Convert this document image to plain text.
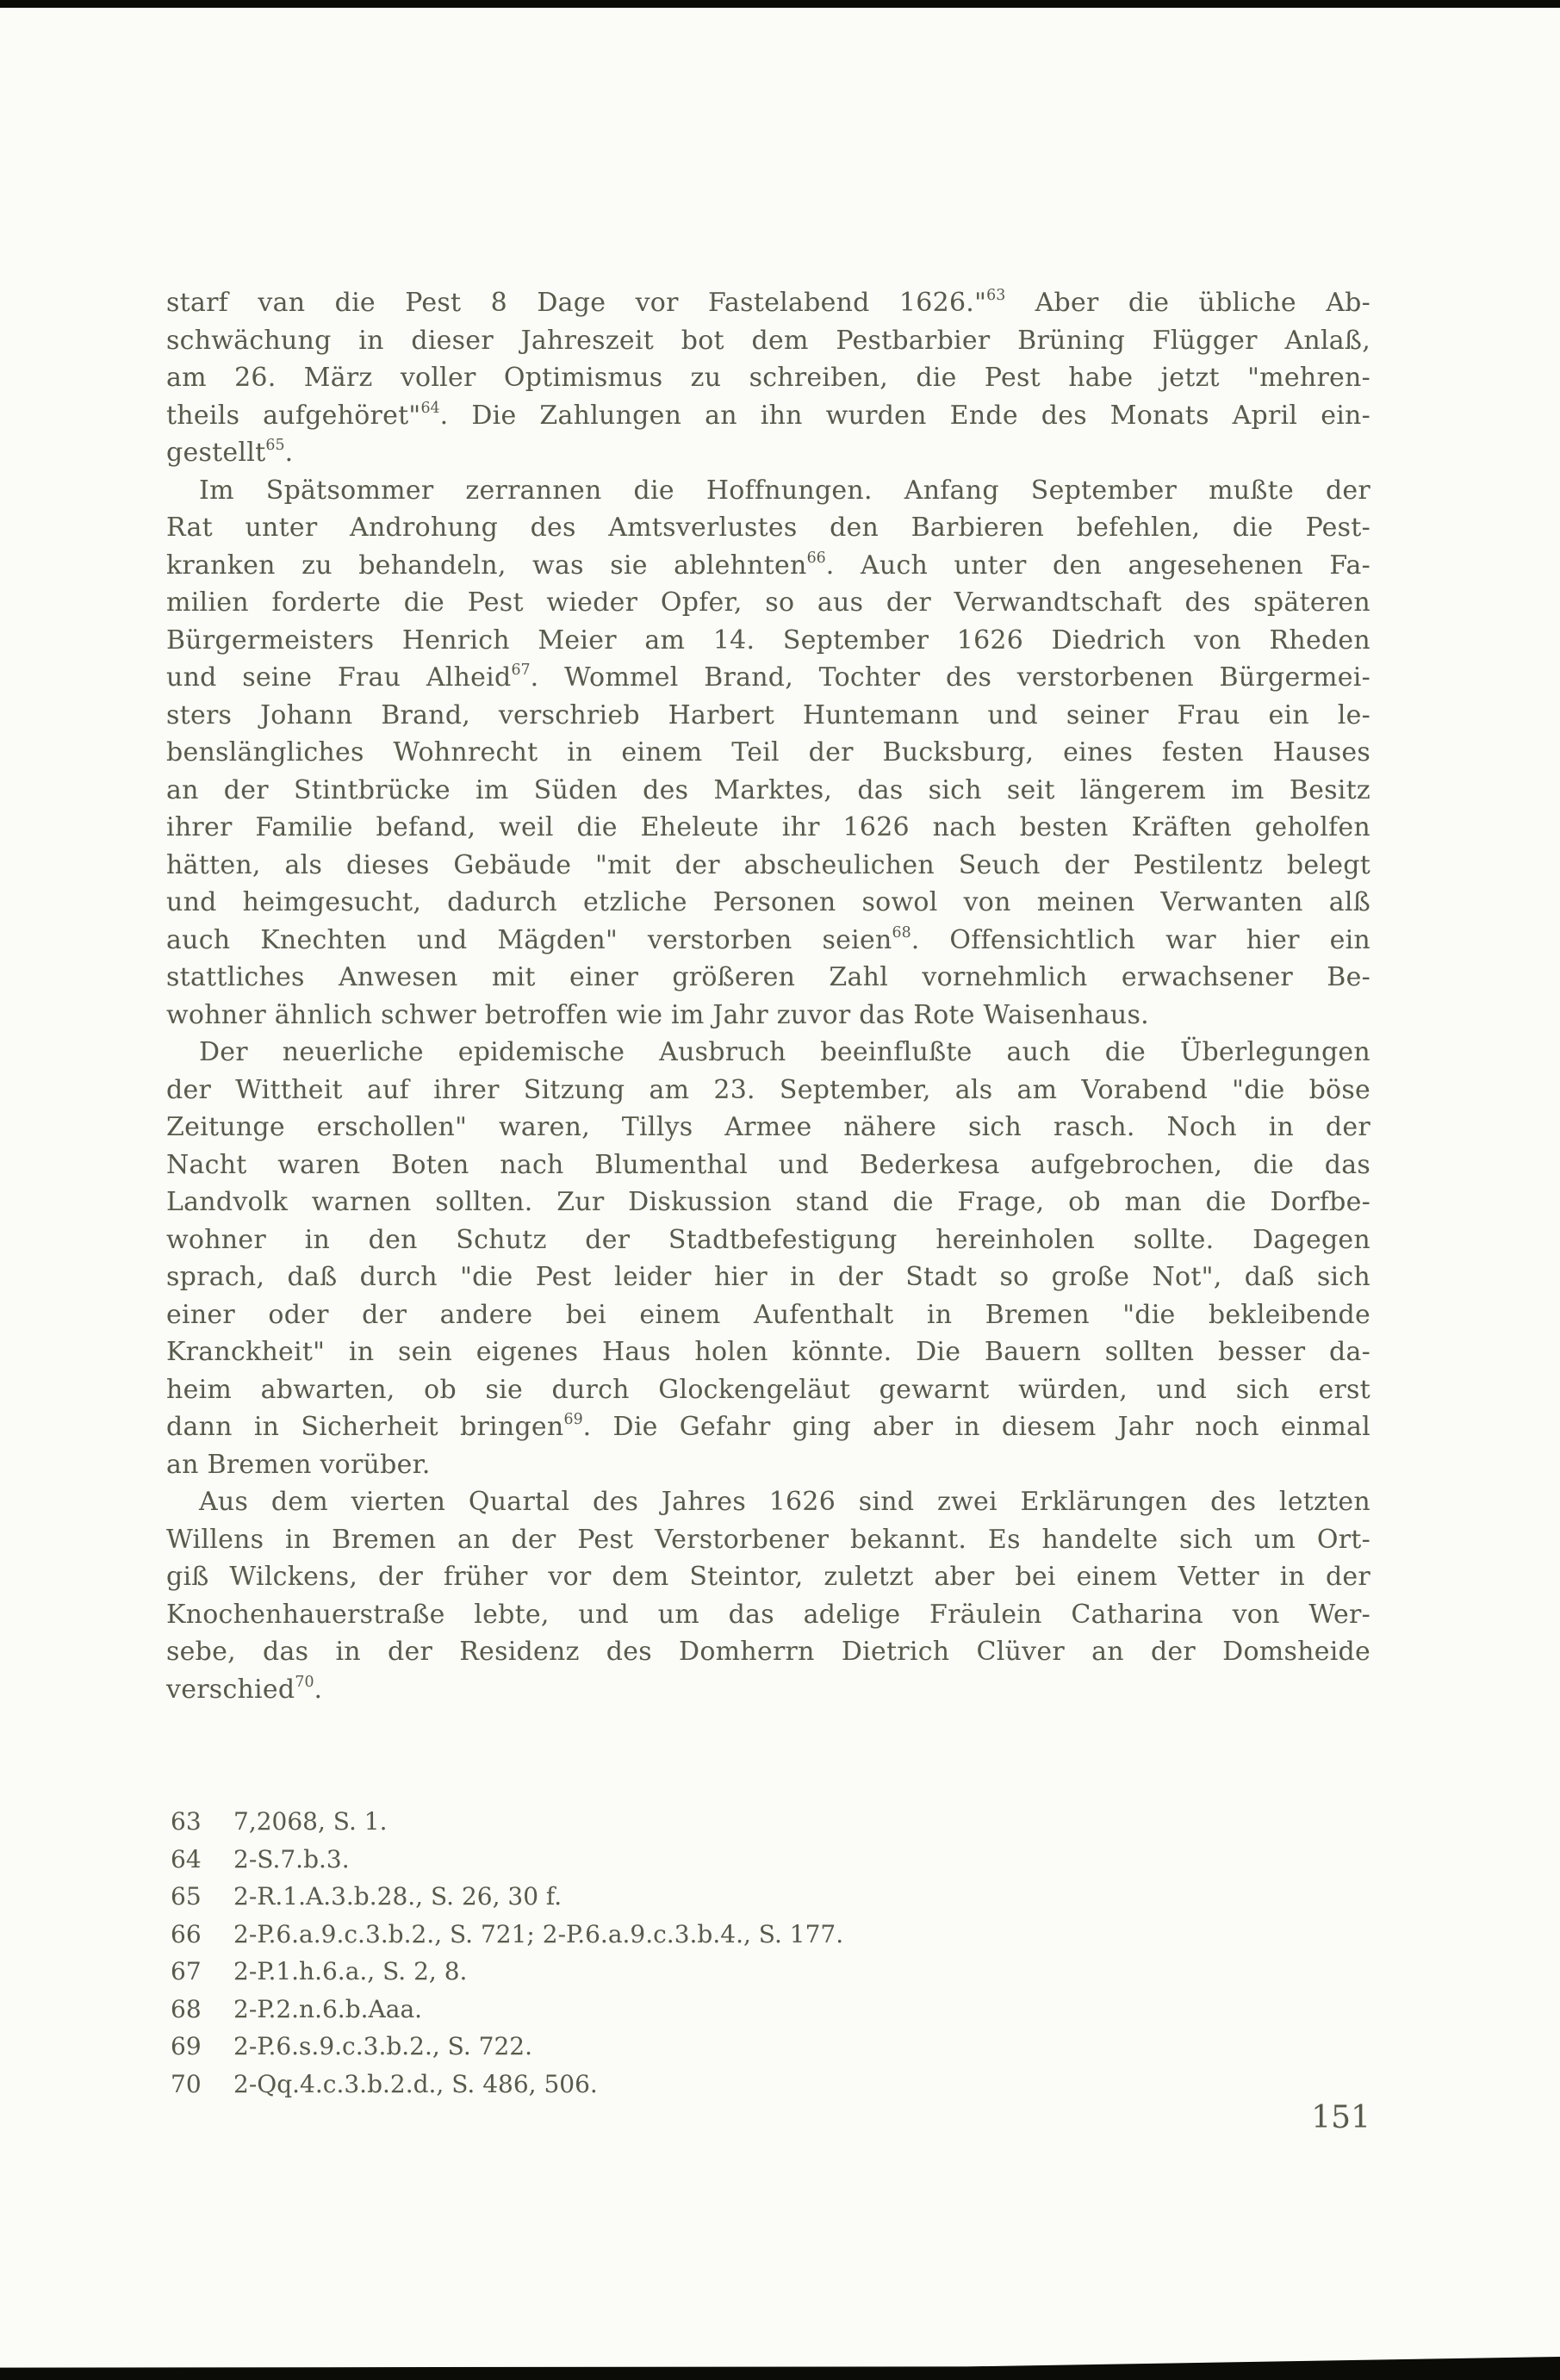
starf van die Pest 8 Dage vor Fastelabend 1626."$^{63}$ Aber die übliche Ab-
schwächung in dieser Jahreszeit bot dem Pestbarbier Brüning Flügger Anlaß,
am 26. März voller Optimismus zu schreiben, die Pest habe jetzt "mehren-
theils aufgehöret"$^{64}$. Die Zahlungen an ihn wurden Ende des Monats April ein-
gestellt$^{65}$.
Im Spätsommer zerrannen die Hoffnungen. Anfang September mußte der
Rat unter Androhung des Amtsverlustes den Barbieren befehlen, die Pest-
kranken zu behandeln, was sie ablehnten$^{66}$. Auch unter den angesehenen Fa-
milien forderte die Pest wieder Opfer, so aus der Verwandtschaft des späteren
Bürgermeisters Henrich Meier am 14. September 1626 Diedrich von Rheden
und seine Frau Alheid$^{67}$. Wommel Brand, Tochter des verstorbenen Bürgermei-
sters Johann Brand, verschrieb Harbert Huntemann und seiner Frau ein le-
benslängliches Wohnrecht in einem Teil der Bucksburg, eines festen Hauses
an der Stintbrücke im Süden des Marktes, das sich seit längerem im Besitz
ihrer Familie befand, weil die Eheleute ihr 1626 nach besten Kräften geholfen
hätten, als dieses Gebäude "mit der abscheulichen Seuch der Pestilentz belegt
und heimgesucht, dadurch etzliche Personen sowol von meinen Verwanten alß
auch Knechten und Mägden" verstorben seien$^{68}$. Offensichtlich war hier ein
stattliches Anwesen mit einer größeren Zahl vornehmlich erwachsener Be-
wohner ähnlich schwer betroffen wie im Jahr zuvor das Rote Waisenhaus.
Der neuerliche epidemische Ausbruch beeinflußte auch die Überlegungen
der Wittheit auf ihrer Sitzung am 23. September, als am Vorabend "die böse
Zeitunge erschollen" waren, Tillys Armee nähere sich rasch. Noch in der
Nacht waren Boten nach Blumenthal und Bederkesa aufgebrochen, die das
Landvolk warnen sollten. Zur Diskussion stand die Frage, ob man die Dorfbe-
wohner in den Schutz der Stadtbefestigung hereinholen sollte. Dagegen
sprach, daß durch "die Pest leider hier in der Stadt so große Not", daß sich
einer oder der andere bei einem Aufenthalt in Bremen "die bekleibende
Kranckheit" in sein eigenes Haus holen könnte. Die Bauern sollten besser da-
heim abwarten, ob sie durch Glockengeläut gewarnt würden, und sich erst
dann in Sicherheit bringen$^{69}$. Die Gefahr ging aber in diesem Jahr noch einmal
an Bremen vorüber.
Aus dem vierten Quartal des Jahres 1626 sind zwei Erklärungen des letzten
Willens in Bremen an der Pest Verstorbener bekannt. Es handelte sich um Ort-
giß Wilckens, der früher vor dem Steintor, zuletzt aber bei einem Vetter in der
Knochenhauerstraße lebte, und um das adelige Fräulein Catharina von Wer-
sebe, das in der Residenz des Domherrn Dietrich Clüver an der Domsheide
verschied$^{70}$.
63	7,2068, S. 1.
64	2-S.7.b.3.
65	2-R.1.A.3.b.28., S. 26, 30 f.
66	2-P.6.a.9.c.3.b.2., S. 721; 2-P.6.a.9.c.3.b.4., S. 177.
67	2-P.1.h.6.a., S. 2, 8.
68	2-P.2.n.6.b.Aaa.
69	2-P.6.s.9.c.3.b.2., S. 722.
70	2-Qq.4.c.3.b.2.d., S. 486, 506.
151
